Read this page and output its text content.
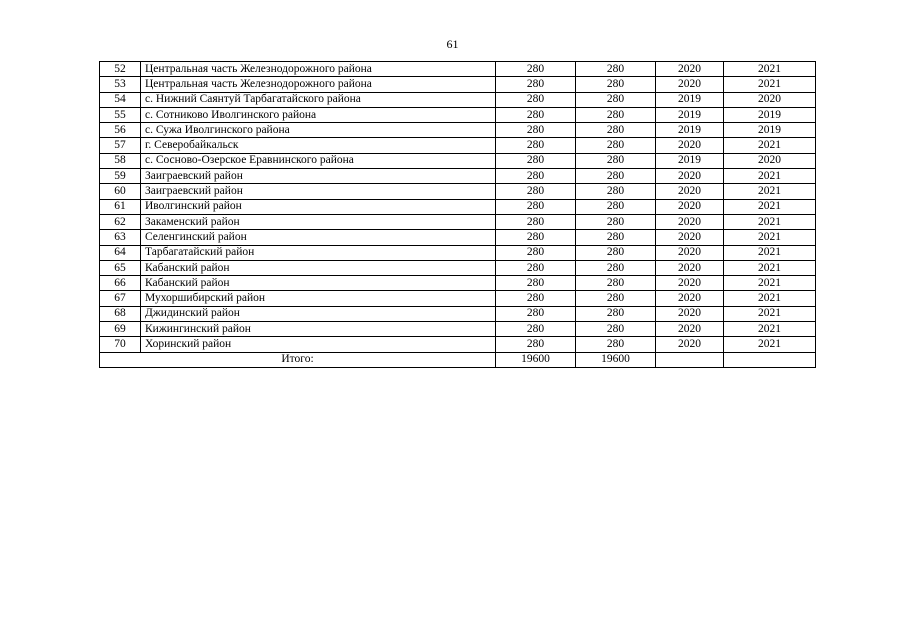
61
52	Центральная часть Железнодорожного района	280	280	2020	2021
53	Центральная часть Железнодорожного района	280	280	2020	2021
54	с. Нижний Саянтуй Тарбагатайского района	280	280	2019	2020
55	с. Сотниково Иволгинского района	280	280	2019	2019
56	с. Сужа Иволгинского района	280	280	2019	2019
57	г. Северобайкальск	280	280	2020	2021
58	с. Сосново-Озерское Еравнинского района	280	280	2019	2020
59	Заиграевский район	280	280	2020	2021
60	Заиграевский район	280	280	2020	2021
61	Иволгинский район	280	280	2020	2021
62	Закаменский район	280	280	2020	2021
63	Селенгинский район	280	280	2020	2021
64	Тарбагатайский район	280	280	2020	2021
65	Кабанский район	280	280	2020	2021
66	Кабанский район	280	280	2020	2021
67	Мухоршибирский район	280	280	2020	2021
68	Джидинский район	280	280	2020	2021
69	Кижингинский район	280	280	2020	2021
70	Хоринский район	280	280	2020	2021
Итого:		19600	19600		
